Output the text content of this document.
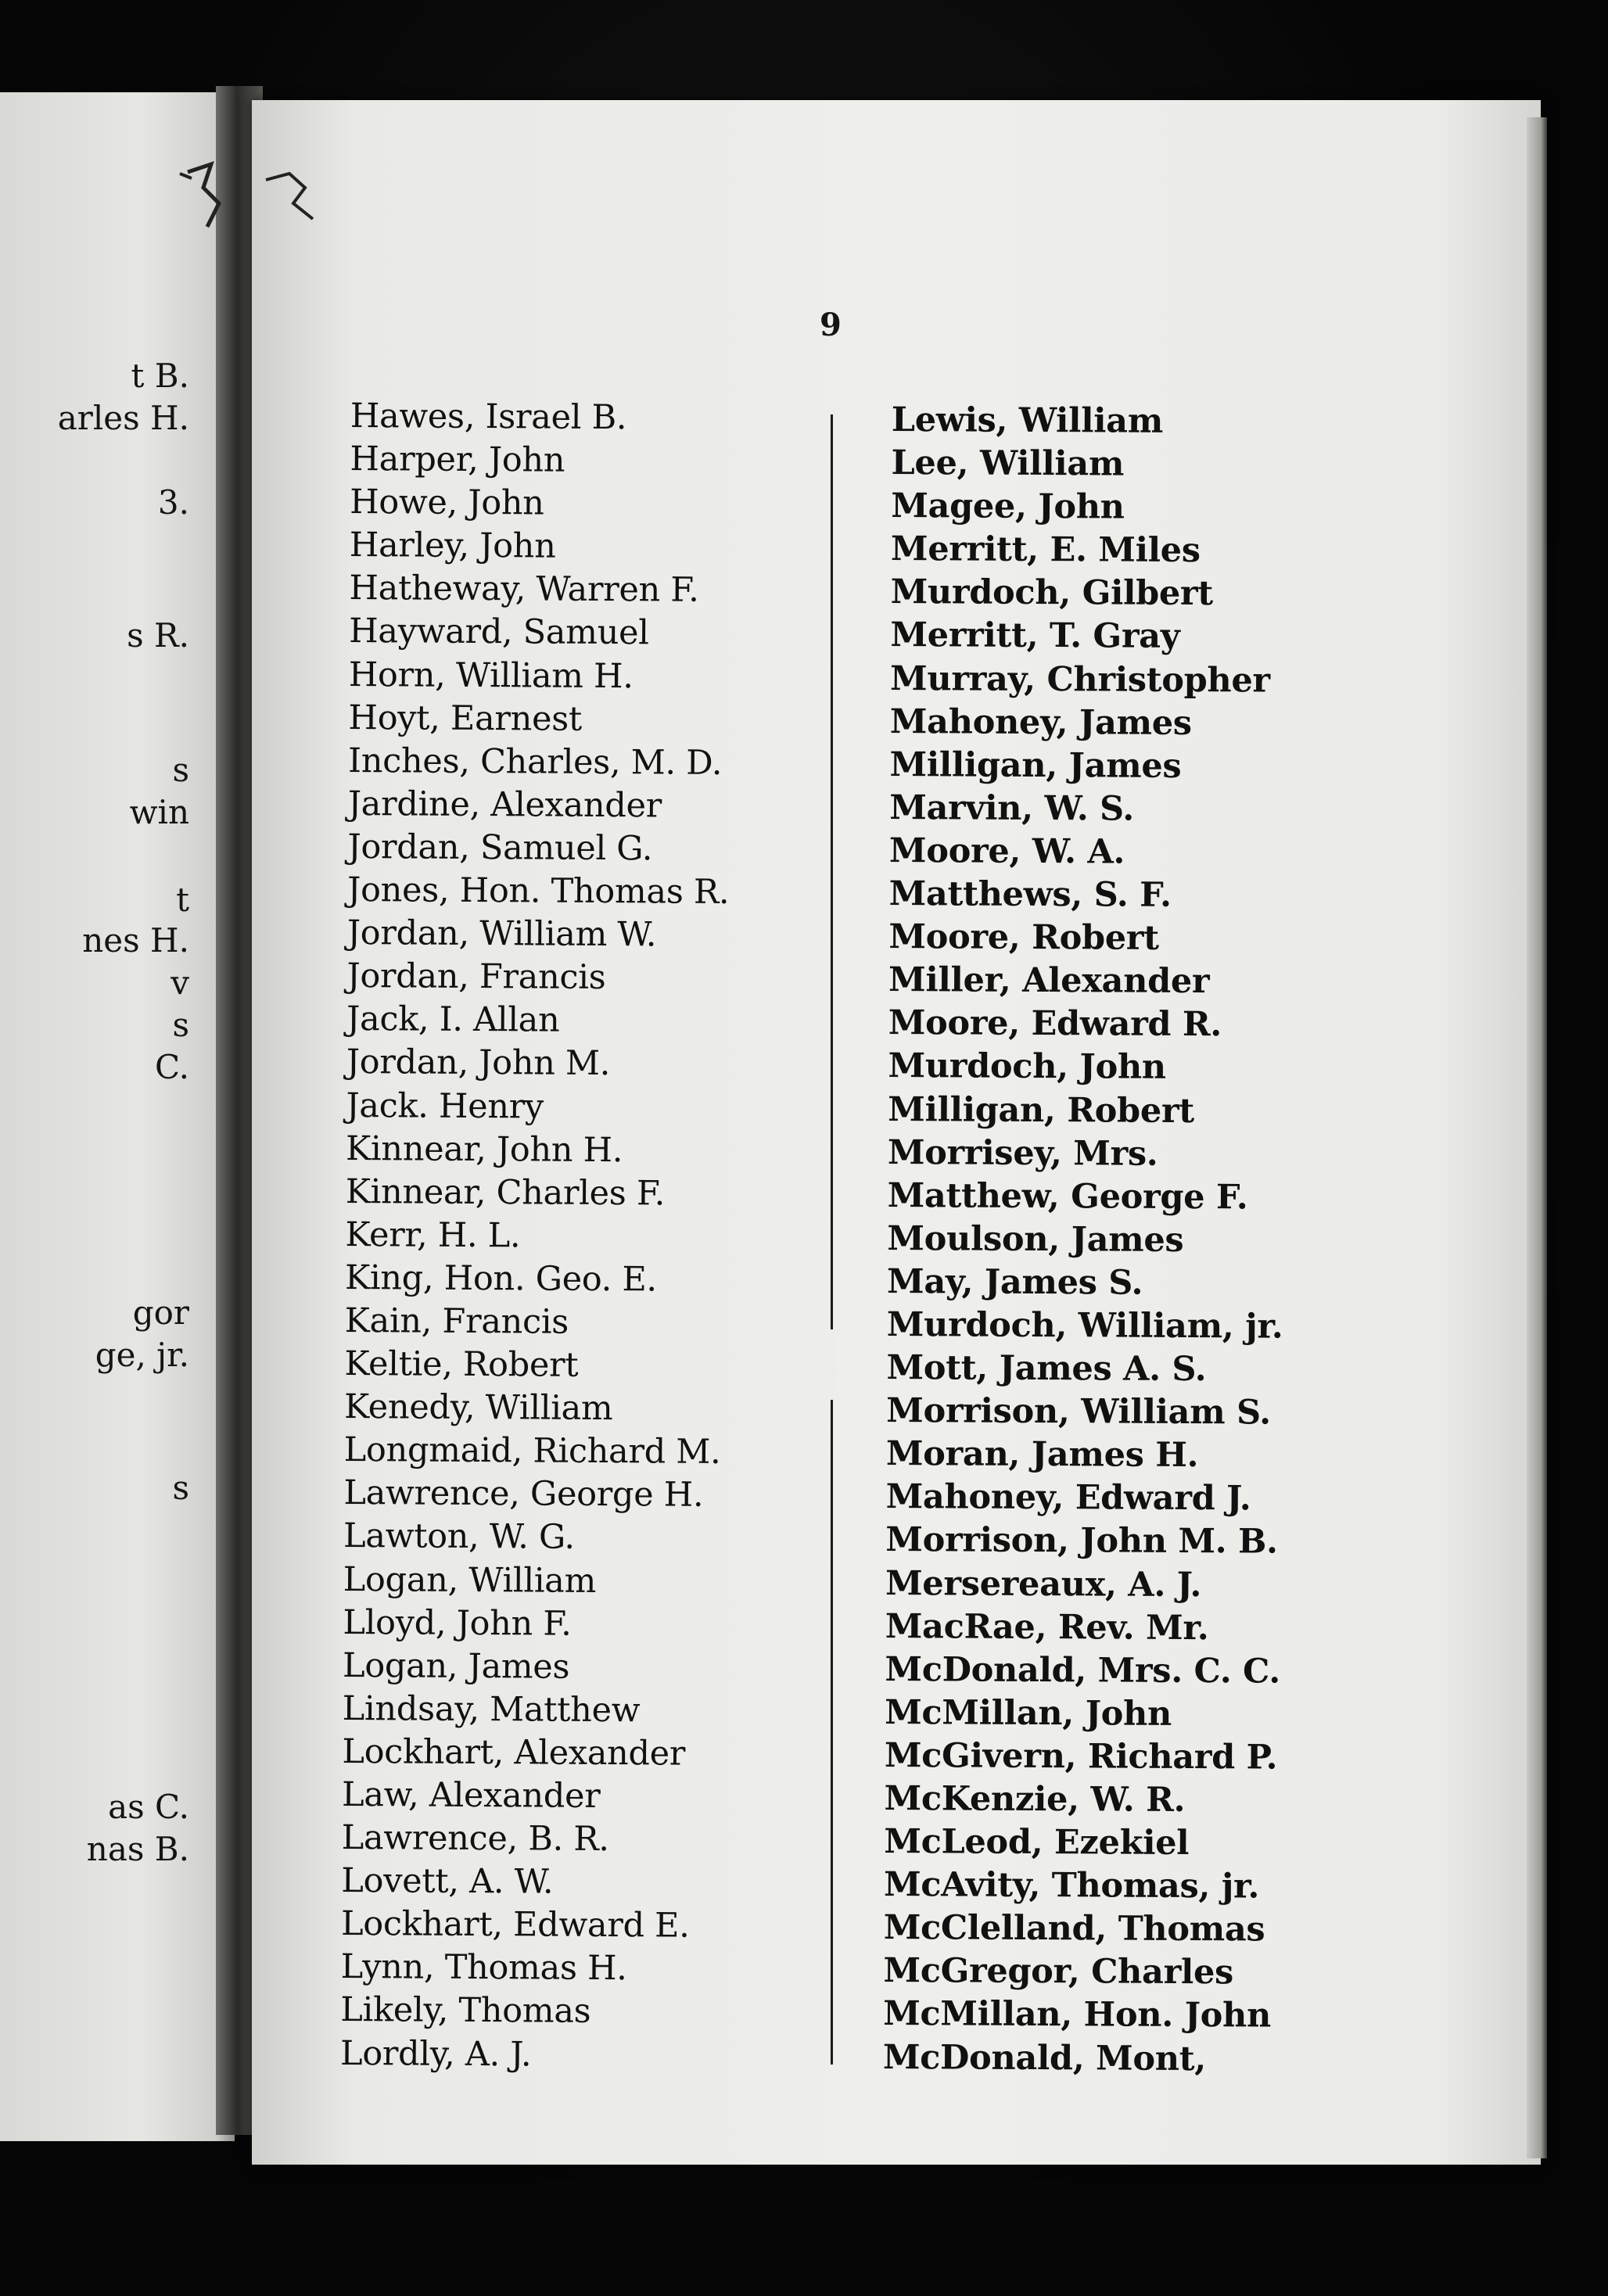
t B.
arles H.
3.
s R.
s
win
t
nes H.
v
s
C.
gor
ge, jr.
s
as C.
nas B.
9
Hawes, Israel B.
Harper, John
Howe, John
Harley, John
Hatheway, Warren F.
Hayward, Samuel
Horn, William H.
Hoyt, Earnest
Inches, Charles, M. D.
Jardine, Alexander
Jordan, Samuel G.
Jones, Hon. Thomas R.
Jordan, William W.
Jordan, Francis
Jack, I. Allan
Jordan, John M.
Jack. Henry
Kinnear, John H.
Kinnear, Charles F.
Kerr, H. L.
King, Hon. Geo. E.
Kain, Francis
Keltie, Robert
Kenedy, William
Longmaid, Richard M.
Lawrence, George H.
Lawton, W. G.
Logan, William
Lloyd, John F.
Logan, James
Lindsay, Matthew
Lockhart, Alexander
Law, Alexander
Lawrence, B. R.
Lovett, A. W.
Lockhart, Edward E.
Lynn, Thomas H.
Likely, Thomas
Lordly, A. J.
Lewis, William
Lee, William
Magee, John
Merritt, E. Miles
Murdoch, Gilbert
Merritt, T. Gray
Murray, Christopher
Mahoney, James
Milligan, James
Marvin, W. S.
Moore, W. A.
Matthews, S. F.
Moore, Robert
Miller, Alexander
Moore, Edward R.
Murdoch, John
Milligan, Robert
Morrisey, Mrs.
Matthew, George F.
Moulson, James
May, James S.
Murdoch, William, jr.
Mott, James A. S.
Morrison, William S.
Moran, James H.
Mahoney, Edward J.
Morrison, John M. B.
Mersereaux, A. J.
MacRae, Rev. Mr.
McDonald, Mrs. C. C.
McMillan, John
McGivern, Richard P.
McKenzie, W. R.
McLeod, Ezekiel
McAvity, Thomas, jr.
McClelland, Thomas
McGregor, Charles
McMillan, Hon. John
McDonald, Mont,
